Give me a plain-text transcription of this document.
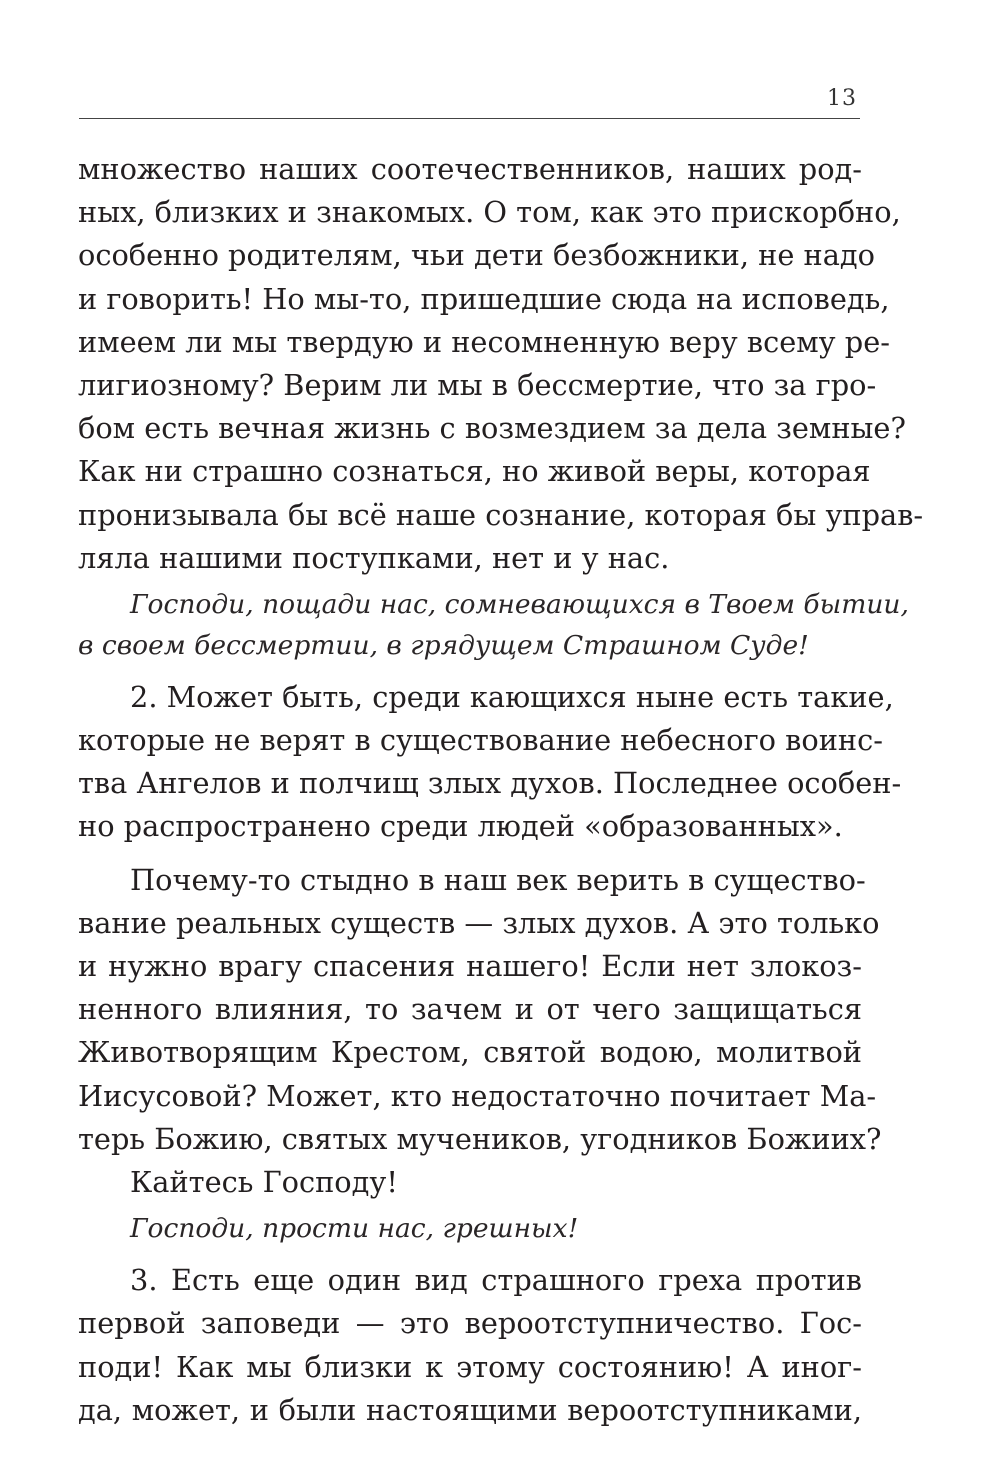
13
множество наших соотечественников, наших род-
ных, близких и знакомых. О том, как это прискорбно,
особенно родителям, чьи дети безбожники, не надо
и говорить! Но мы-то, пришедшие сюда на исповедь,
имеем ли мы твердую и несомненную веру всему ре-
лигиозному? Верим ли мы в бессмертие, что за гро-
бом есть вечная жизнь с возмездием за дела земные?
Как ни страшно сознаться, но живой веры, которая
пронизывала бы всё наше сознание, которая бы управ-
ляла нашими поступками, нет и у нас.
Господи, пощади нас, сомневающихся в Твоем бытии,
в своем бессмертии, в грядущем Страшном Суде!
2. Может быть, среди кающихся ныне есть такие,
которые не верят в существование небесного воинс-
тва Ангелов и полчищ злых духов. Последнее особен-
но распространено среди людей «образованных».
Почему-то стыдно в наш век верить в существо-
вание реальных существ — злых духов. А это только
и нужно врагу спасения нашего! Если нет злокоз-
ненного влияния, то зачем и от чего защищаться
Животворящим Крестом, святой водою, молитвой
Иисусовой? Может, кто недостаточно почитает Ма-
терь Божию, святых мучеников, угодников Божиих?
Кайтесь Господу!
Господи, прости нас, грешных!
3. Есть еще один вид страшного греха против
первой заповеди — это вероотступничество. Гос-
поди! Как мы близки к этому состоянию! А иног-
да, может, и были настоящими вероотступниками,
